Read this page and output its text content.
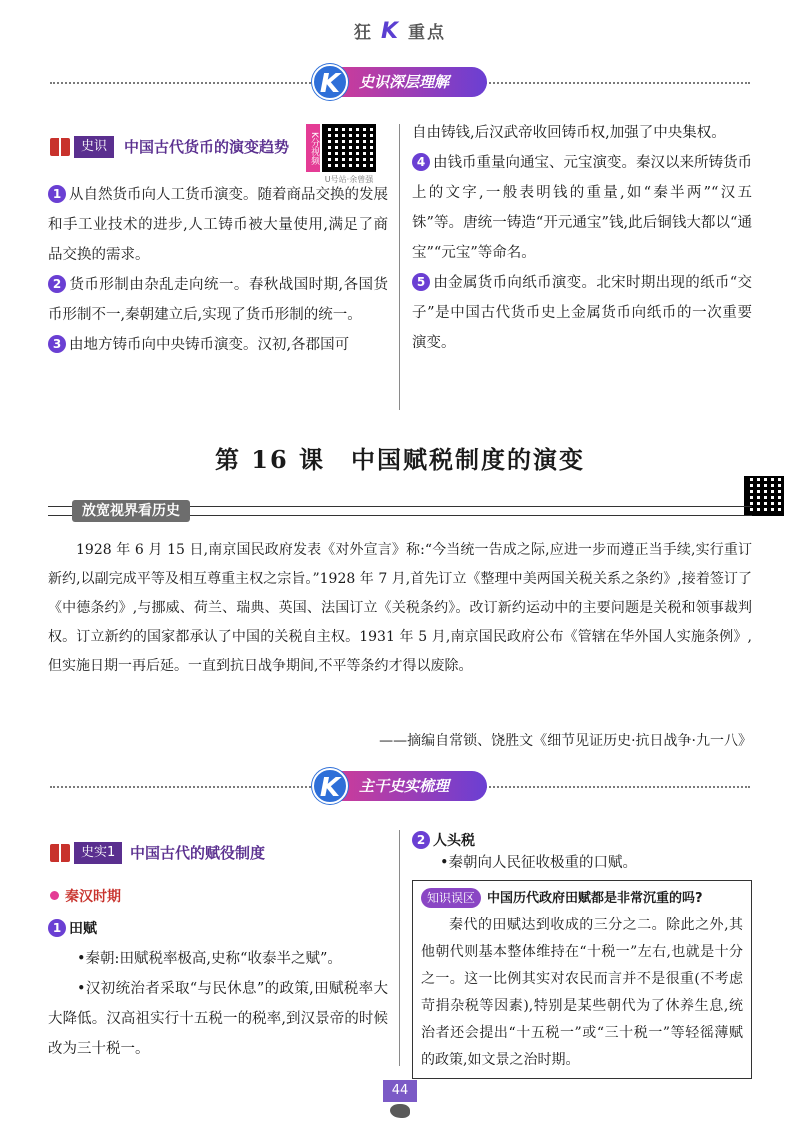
狂 K 重点
史识深层理解
K
史识	中国古代货币的演变趋势	K分视频
U号站·余曾强

1 从自然货币向人工货币演变。随着商品交换的发展和手工业技术的进步,人工铸币被大量使用,满足了商品交换的需求。

2 货币形制由杂乱走向统一。春秋战国时期,各国货币形制不一,秦朝建立后,实现了货币形制的统一。

3 由地方铸币向中央铸币演变。汉初,各郡国可

自由铸钱,后汉武帝收回铸币权,加强了中央集权。

4 由钱币重量向通宝、元宝演变。秦汉以来所铸货币上的文字,一般表明钱的重量,如“秦半两”“汉五铢”等。唐统一铸造“开元通宝”钱,此后铜钱大都以“通宝”“元宝”等命名。

5 由金属货币向纸币演变。北宋时期出现的纸币“交子”是中国古代货币史上金属货币向纸币的一次重要演变。

第 16 课　中国赋税制度的演变
放宽视界看历史
1928 年 6 月 15 日,南京国民政府发表《对外宣言》称:“今当统一告成之际,应进一步而遵正当手续,实行重订新约,以副完成平等及相互尊重主权之宗旨。”1928 年 7 月,首先订立《整理中美两国关税关系之条约》,接着签订了《中德条约》,与挪威、荷兰、瑞典、英国、法国订立《关税条约》。改订新约运动中的主要问题是关税和领事裁判权。订立新约的国家都承认了中国的关税自主权。1931 年 5 月,南京国民政府公布《管辖在华外国人实施条例》,但实施日期一再后延。一直到抗日战争期间,不平等条约才得以废除。
——摘编自常锁、饶胜文《细节见证历史·抗日战争·九一八》
主干史实梳理
K
史实1 中国古代的赋役制度
秦汉时期
1 田赋

•秦朝:田赋税率极高,史称“收泰半之赋”。

•汉初统治者采取“与民休息”的政策,田赋税率大大降低。汉高祖实行十五税一的税率,到汉景帝的时候改为三十税一。

2 人头税
•秦朝向人民征收极重的口赋。
知识误区 中国历代政府田赋都是非常沉重的吗?

秦代的田赋达到收成的三分之二。除此之外,其他朝代则基本整体维持在“十税一”左右,也就是十分之一。这一比例其实对农民而言并不是很重(不考虑苛捐杂税等因素),特别是某些朝代为了休养生息,统治者还会提出“十五税一”或“三十税一”等轻徭薄赋的政策,如文景之治时期。

44
